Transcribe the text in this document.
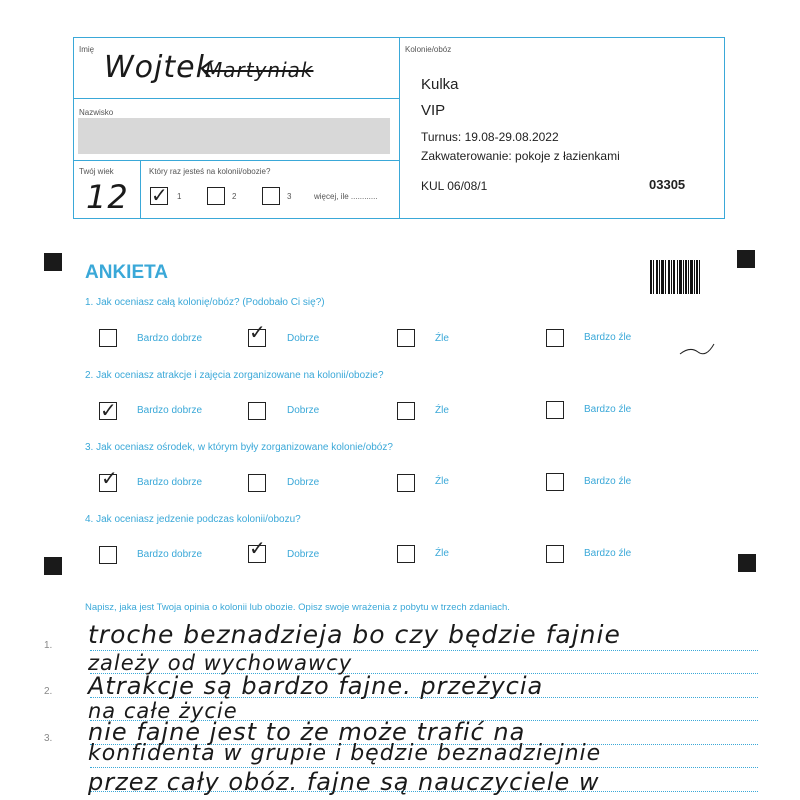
Imię
Wojtek
Martyniak
Nazwisko
Twój wiek
12
Który raz jesteś na kolonii/obozie?
✓ 1	2	3	więcej, ile ............
Kolonie/obóz
Kulka
VIP
Turnus: 19.08-29.08.2022
Zakwaterowanie: pokoje z łazienkami
KUL 06/08/1	03305
ANKIETA
1. Jak oceniasz całą kolonię/obóz? (Podobało Ci się?)
Bardzo dobrze ✓ Dobrze	Źle	Bardzo źle
2. Jak oceniasz atrakcje i zajęcia zorganizowane na kolonii/obozie?
✓ Bardzo dobrze	Dobrze	Źle	Bardzo źle
3. Jak oceniasz ośrodek, w którym były zorganizowane kolonie/obóz?
✓ Bardzo dobrze	Dobrze	Źle	Bardzo źle
4. Jak oceniasz jedzenie podczas kolonii/obozu?
Bardzo dobrze ✓ Dobrze	Źle	Bardzo źle
Napisz, jaka jest Twoja opinia o kolonii lub obozie. Opisz swoje wrażenia z pobytu w trzech zdaniach.
1.
2.
3.
troche beznadzieja bo czy będzie fajnie
zależy od wychowawcy
Atrakcje są bardzo fajne. przeżycia
na całe życie
nie fajne jest to że może trafić na
konfidenta w grupie i będzie beznadziejnie
przez cały obóz. fajne są nauczyciele w
